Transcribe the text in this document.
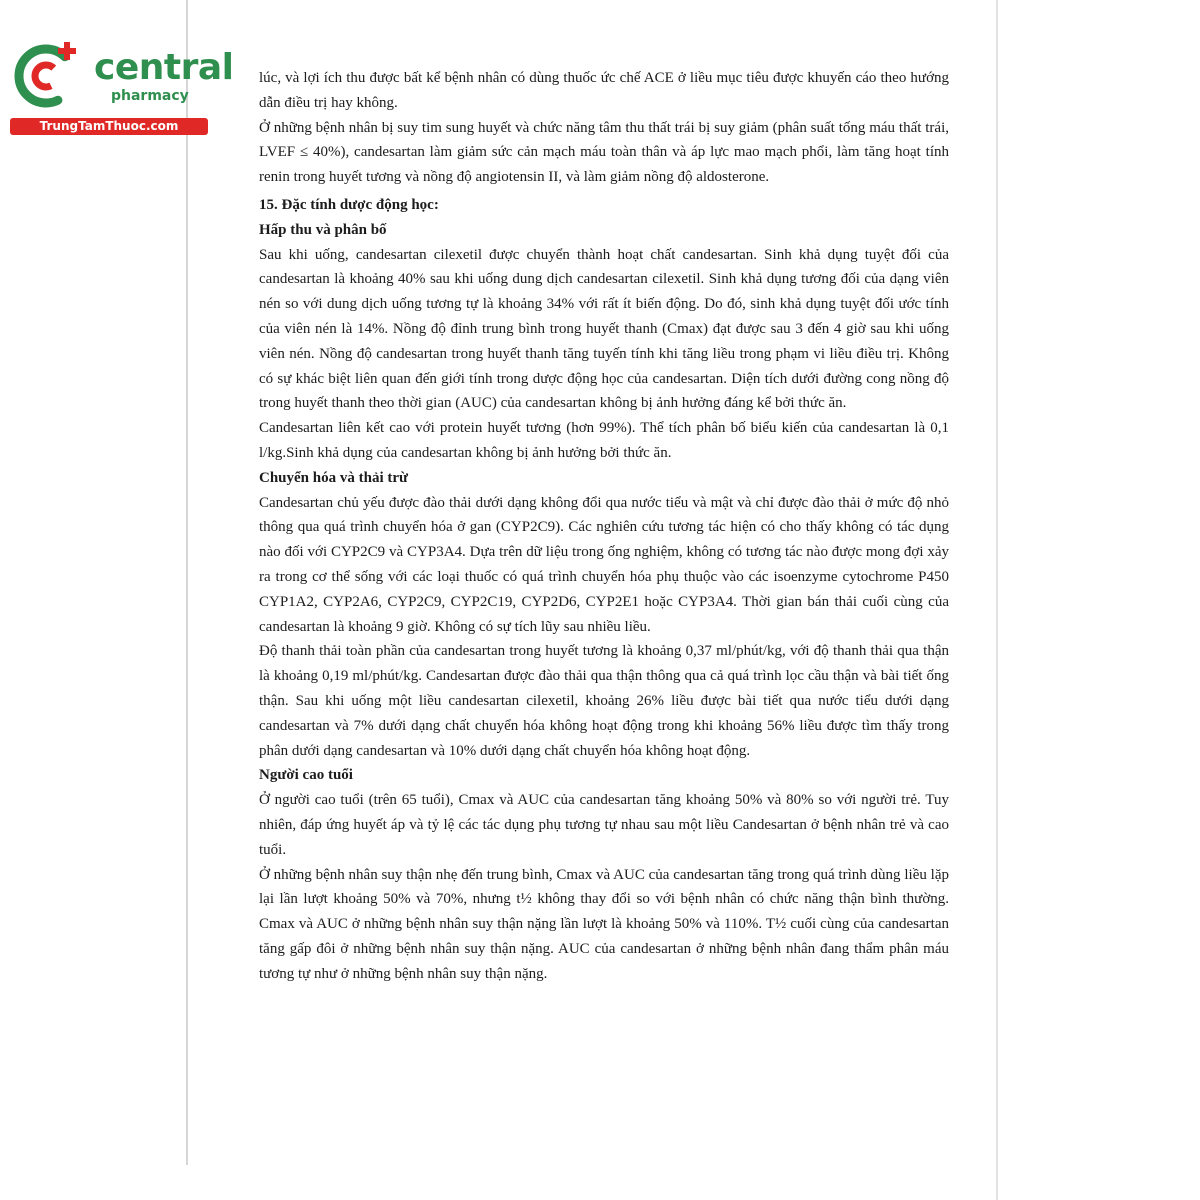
central
pharmacy
TrungTamThuoc.com

lúc, và lợi ích thu được bất kể bệnh nhân có dùng thuốc ức chế ACE ở liều mục tiêu được khuyến cáo theo hướng dẫn điều trị hay không.

Ở những bệnh nhân bị suy tim sung huyết và chức năng tâm thu thất trái bị suy giảm (phân suất tống máu thất trái, LVEF ≤ 40%), candesartan làm giảm sức cản mạch máu toàn thân và áp lực mao mạch phổi, làm tăng hoạt tính renin trong huyết tương và nồng độ angiotensin II, và làm giảm nồng độ aldosterone.

15. Đặc tính dược động học:
Hấp thu và phân bố

Sau khi uống, candesartan cilexetil được chuyển thành hoạt chất candesartan. Sinh khả dụng tuyệt đối của candesartan là khoảng 40% sau khi uống dung dịch candesartan cilexetil. Sinh khả dụng tương đối của dạng viên nén so với dung dịch uống tương tự là khoảng 34% với rất ít biến động. Do đó, sinh khả dụng tuyệt đối ước tính của viên nén là 14%. Nồng độ đỉnh trung bình trong huyết thanh (Cmax) đạt được sau 3 đến 4 giờ sau khi uống viên nén. Nồng độ candesartan trong huyết thanh tăng tuyến tính khi tăng liều trong phạm vi liều điều trị. Không có sự khác biệt liên quan đến giới tính trong dược động học của candesartan. Diện tích dưới đường cong nồng độ trong huyết thanh theo thời gian (AUC) của candesartan không bị ảnh hưởng đáng kể bởi thức ăn.

Candesartan liên kết cao với protein huyết tương (hơn 99%). Thể tích phân bố biểu kiến của candesartan là 0,1 l/kg.Sinh khả dụng của candesartan không bị ảnh hưởng bởi thức ăn.

Chuyển hóa và thải trừ

Candesartan chủ yếu được đào thải dưới dạng không đổi qua nước tiểu và mật và chỉ được đào thải ở mức độ nhỏ thông qua quá trình chuyển hóa ở gan (CYP2C9). Các nghiên cứu tương tác hiện có cho thấy không có tác dụng nào đối với CYP2C9 và CYP3A4. Dựa trên dữ liệu trong ống nghiệm, không có tương tác nào được mong đợi xảy ra trong cơ thể sống với các loại thuốc có quá trình chuyển hóa phụ thuộc vào các isoenzyme cytochrome P450 CYP1A2, CYP2A6, CYP2C9, CYP2C19, CYP2D6, CYP2E1 hoặc CYP3A4. Thời gian bán thải cuối cùng của candesartan là khoảng 9 giờ. Không có sự tích lũy sau nhiều liều.

Độ thanh thải toàn phần của candesartan trong huyết tương là khoảng 0,37 ml/phút/kg, với độ thanh thải qua thận là khoảng 0,19 ml/phút/kg. Candesartan được đào thải qua thận thông qua cả quá trình lọc cầu thận và bài tiết ống thận. Sau khi uống một liều candesartan cilexetil, khoảng 26% liều được bài tiết qua nước tiểu dưới dạng candesartan và 7% dưới dạng chất chuyển hóa không hoạt động trong khi khoảng 56% liều được tìm thấy trong phân dưới dạng candesartan và 10% dưới dạng chất chuyển hóa không hoạt động.

Người cao tuổi

Ở người cao tuổi (trên 65 tuổi), Cmax và AUC của candesartan tăng khoảng 50% và 80% so với người trẻ. Tuy nhiên, đáp ứng huyết áp và tỷ lệ các tác dụng phụ tương tự nhau sau một liều Candesartan ở bệnh nhân trẻ và cao tuổi.

Ở những bệnh nhân suy thận nhẹ đến trung bình, Cmax và AUC của candesartan tăng trong quá trình dùng liều lặp lại lần lượt khoảng 50% và 70%, nhưng t½ không thay đổi so với bệnh nhân có chức năng thận bình thường. Cmax và AUC ở những bệnh nhân suy thận nặng lần lượt là khoảng 50% và 110%. T½ cuối cùng của candesartan tăng gấp đôi ở những bệnh nhân suy thận nặng. AUC của candesartan ở những bệnh nhân đang thẩm phân máu tương tự như ở những bệnh nhân suy thận nặng.
